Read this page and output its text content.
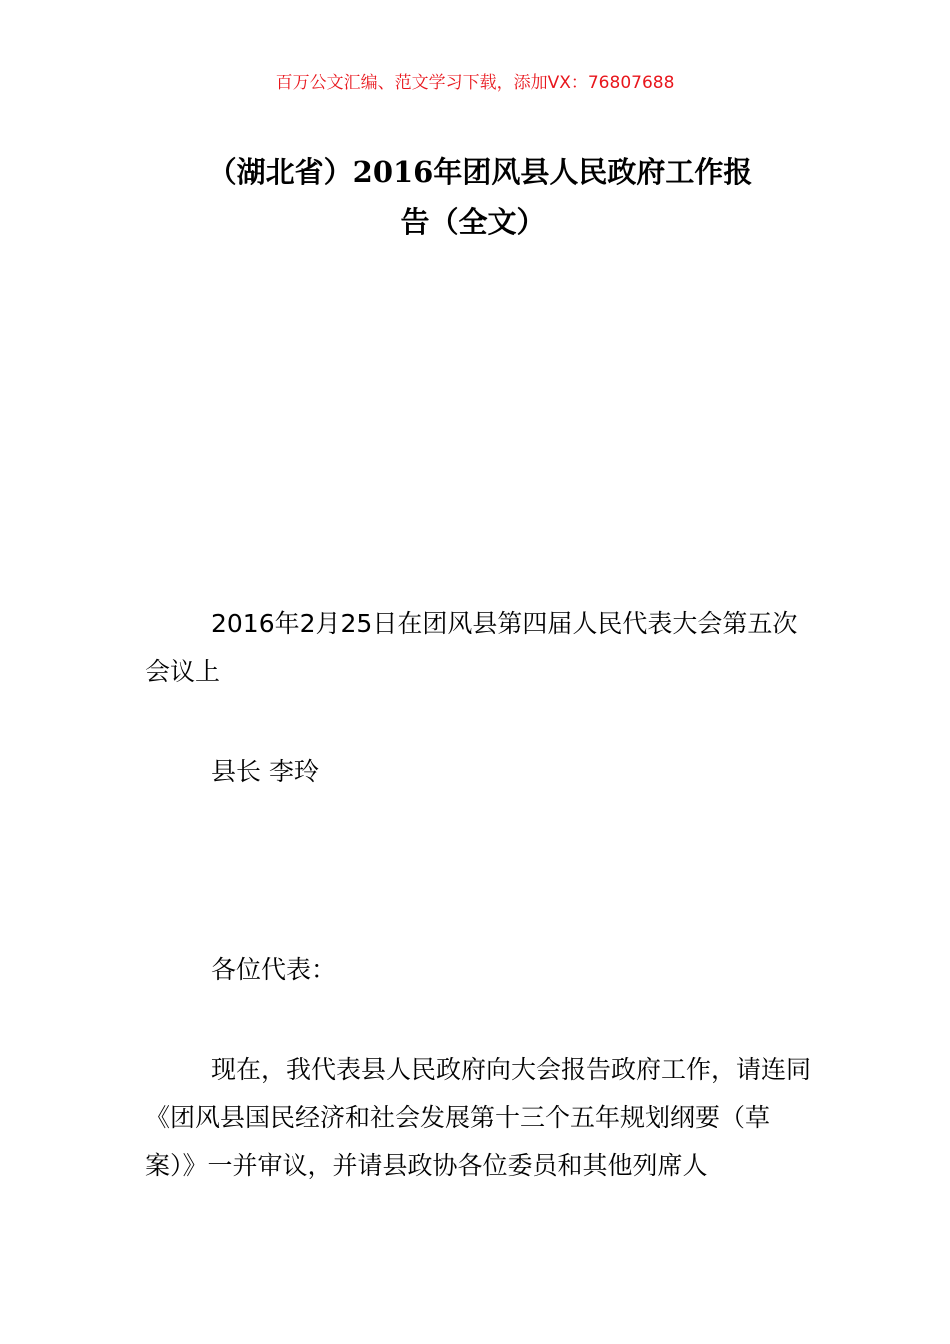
百万公文汇编、范文学习下载，添加VX：76807688
（湖北省）2016年团风县人民政府工作报
告（全文）
2016年2月25日在团风县第四届人民代表大会第五次会议上
县长 李玲
各位代表：
现在，我代表县人民政府向大会报告政府工作，请连同《团风县国民经济和社会发展第十三个五年规划纲要（草案）》一并审议，并请县政协各位委员和其他列席人
